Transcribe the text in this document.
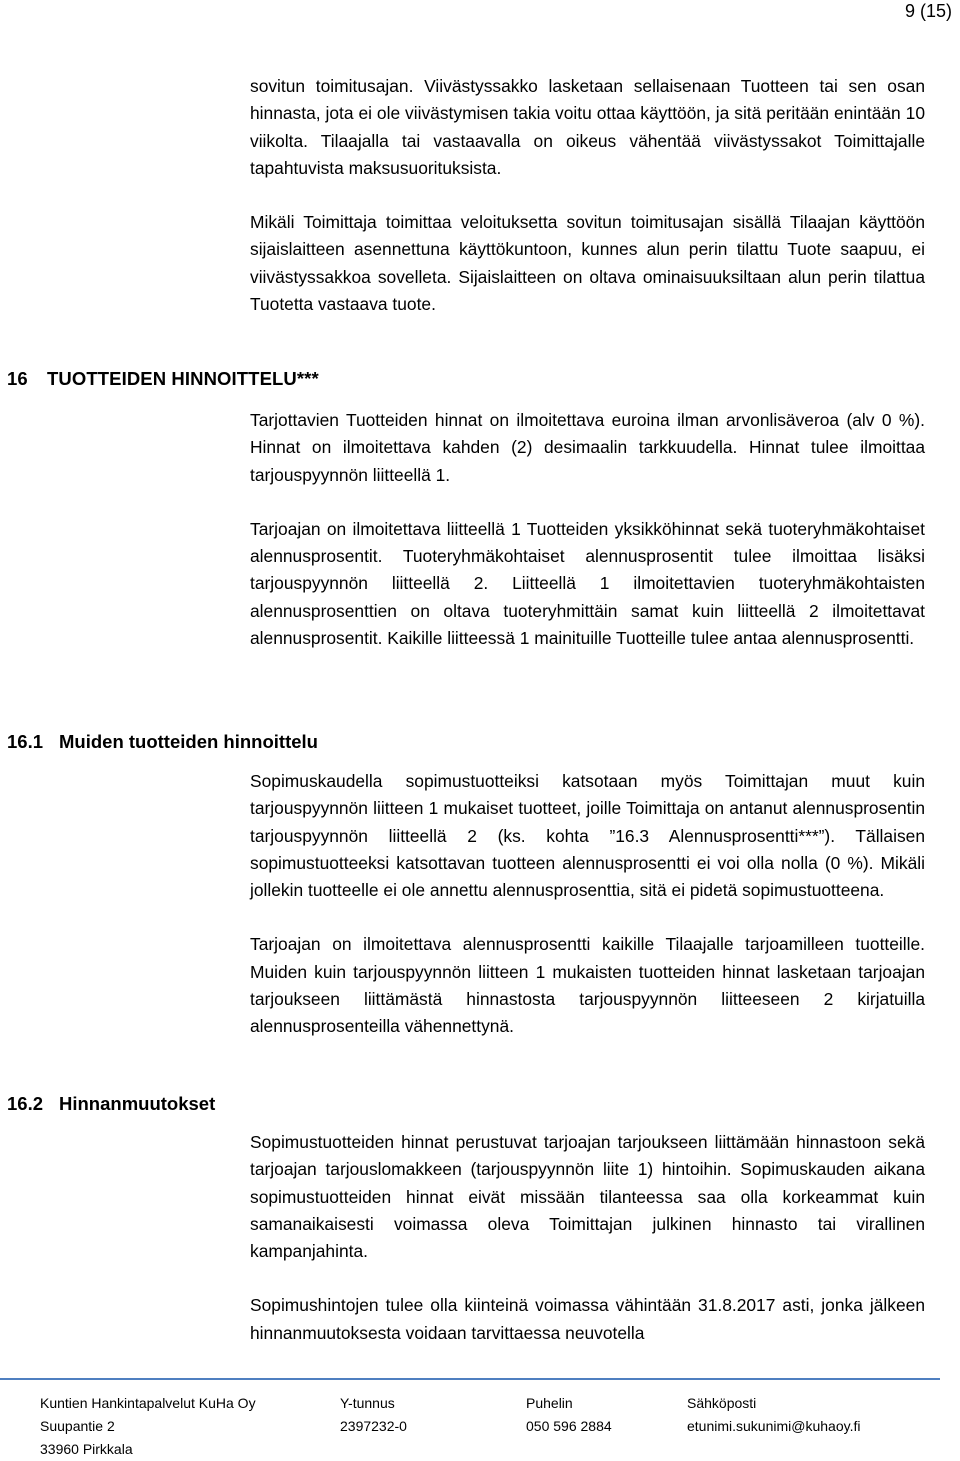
9 (15)

sovitun toimitusajan. Viivästyssakko lasketaan sellaisenaan Tuotteen tai sen osan hinnasta, jota ei ole viivästymisen takia voitu ottaa käyttöön, ja sitä peritään enintään 10 viikolta. Tilaajalla tai vastaavalla on oikeus vähentää viivästyssakot Toimittajalle tapahtuvista maksusuorituksista.

Mikäli Toimittaja toimittaa veloituksetta sovitun toimitusajan sisällä Tilaajan käyttöön sijaislaitteen asennettuna käyttökuntoon, kunnes alun perin tilattu Tuote saapuu, ei viivästyssakkoa sovelleta. Sijaislaitteen on oltava ominaisuuksiltaan alun perin tilattua Tuotetta vastaava tuote.

16 TUOTTEIDEN HINNOITTELU***

Tarjottavien Tuotteiden hinnat on ilmoitettava euroina ilman arvonlisäveroa (alv 0 %). Hinnat on ilmoitettava kahden (2) desimaalin tarkkuudella. Hinnat tulee ilmoittaa tarjouspyynnön liitteellä 1.

Tarjoajan on ilmoitettava liitteellä 1 Tuotteiden yksikköhinnat sekä tuoteryhmäkohtaiset alennusprosentit. Tuoteryhmäkohtaiset alennusprosentit tulee ilmoittaa lisäksi tarjouspyynnön liitteellä 2. Liitteellä 1 ilmoitettavien tuoteryhmäkohtaisten alennusprosenttien on oltava tuoteryhmittäin samat kuin liitteellä 2 ilmoitettavat alennusprosentit. Kaikille liitteessä 1 mainituille Tuotteille tulee antaa alennusprosentti.

16.1 Muiden tuotteiden hinnoittelu

Sopimuskaudella sopimustuotteiksi katsotaan myös Toimittajan muut kuin tarjouspyynnön liitteen 1 mukaiset tuotteet, joille Toimittaja on antanut alennusprosentin tarjouspyynnön liitteellä 2 (ks. kohta ”16.3 Alennusprosentti***”). Tällaisen sopimustuotteeksi katsottavan tuotteen alennusprosentti ei voi olla nolla (0 %). Mikäli jollekin tuotteelle ei ole annettu alennusprosenttia, sitä ei pidetä sopimustuotteena.

Tarjoajan on ilmoitettava alennusprosentti kaikille Tilaajalle tarjoamilleen tuotteille. Muiden kuin tarjouspyynnön liitteen 1 mukaisten tuotteiden hinnat lasketaan tarjoajan tarjoukseen liittämästä hinnastosta tarjouspyynnön liitteeseen 2 kirjatuilla alennusprosenteilla vähennettynä.

16.2 Hinnanmuutokset

Sopimustuotteiden hinnat perustuvat tarjoajan tarjoukseen liittämään hinnastoon sekä tarjoajan tarjouslomakkeen (tarjouspyynnön liite 1) hintoihin. Sopimuskauden aikana sopimustuotteiden hinnat eivät missään tilanteessa saa olla korkeammat kuin samanaikaisesti voimassa oleva Toimittajan julkinen hinnasto tai virallinen kampanjahinta.

Sopimushintojen tulee olla kiinteinä voimassa vähintään 31.8.2017 asti, jonka jälkeen hinnanmuutoksesta voidaan tarvittaessa neuvotella

Kuntien Hankintapalvelut KuHa Oy
Suupantie 2
33960 Pirkkala
Y-tunnus
2397232-0
Puhelin
050 596 2884
Sähköposti
etunimi.sukunimi@kuhaoy.fi
